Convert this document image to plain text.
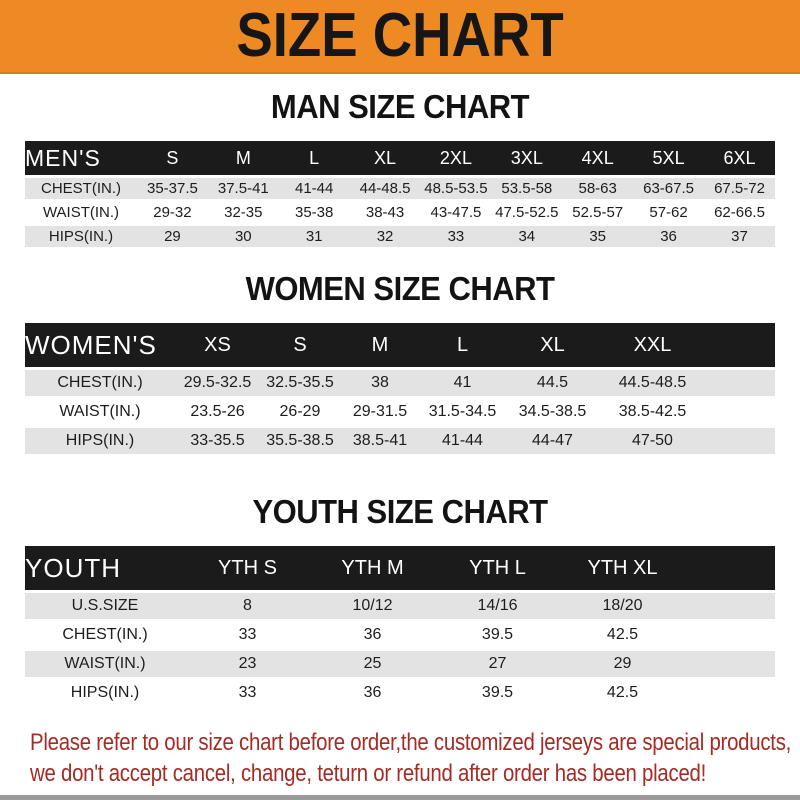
SIZE CHART
MAN SIZE CHART
MEN'S	S	M	L	XL	2XL	3XL	4XL	5XL	6XL
CHEST(IN.)	35-37.5	37.5-41	41-44	44-48.5	48.5-53.5	53.5-58	58-63	63-67.5	67.5-72
WAIST(IN.)	29-32	32-35	35-38	38-43	43-47.5	47.5-52.5	52.5-57	57-62	62-66.5
HIPS(IN.)	29	30	31	32	33	34	35	36	37
WOMEN SIZE CHART
WOMEN'S	XS	S	M	L	XL	XXL	
CHEST(IN.)	29.5-32.5	32.5-35.5	38	41	44.5	44.5-48.5	
WAIST(IN.)	23.5-26	26-29	29-31.5	31.5-34.5	34.5-38.5	38.5-42.5	
HIPS(IN.)	33-35.5	35.5-38.5	38.5-41	41-44	44-47	47-50	
YOUTH SIZE CHART
YOUTH	YTH S	YTH M	YTH L	YTH XL	
U.S.SIZE	8	10/12	14/16	18/20	
CHEST(IN.)	33	36	39.5	42.5	
WAIST(IN.)	23	25	27	29	
HIPS(IN.)	33	36	39.5	42.5	
Please refer to our size chart before order,the customized jerseys are special products,
we don't accept cancel, change, teturn or refund after order has been placed!
